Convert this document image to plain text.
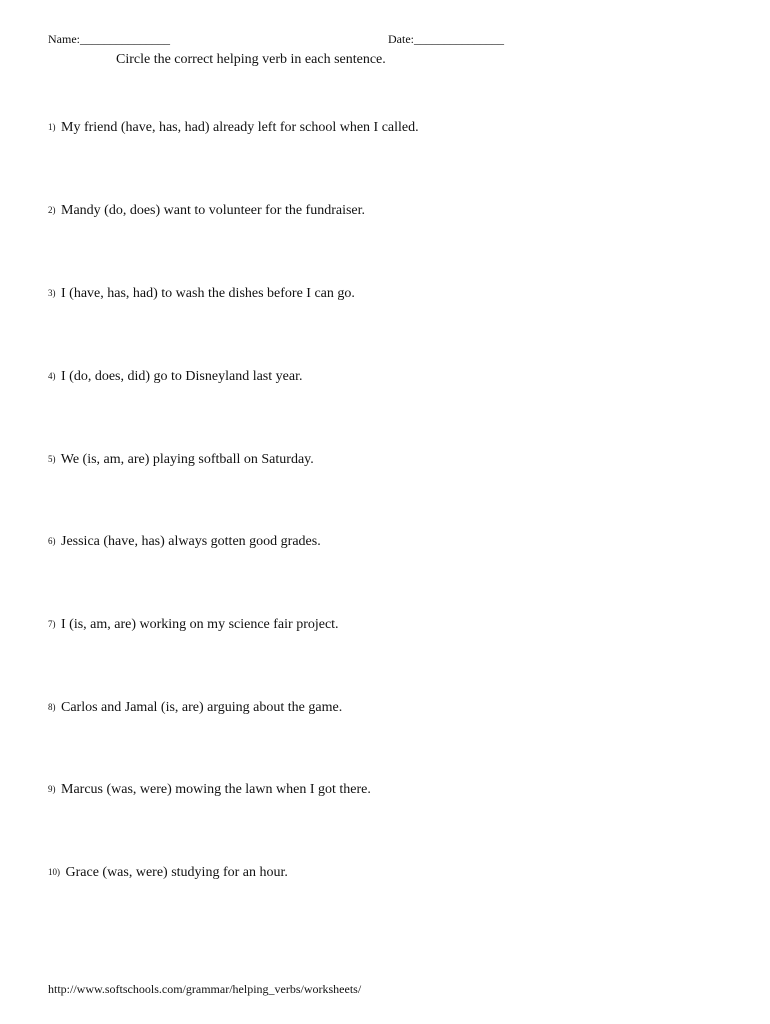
Name:_______________	Date:_______________
Circle the correct helping verb in each sentence.
1) My friend (have, has, had) already left for school when I called.
2) Mandy (do, does) want to volunteer for the fundraiser.
3) I (have, has, had) to wash the dishes before I can go.
4) I (do, does, did) go to Disneyland last year.
5) We (is, am, are) playing softball on Saturday.
6) Jessica (have, has) always gotten good grades.
7) I (is, am, are) working on my science fair project.
8) Carlos and Jamal (is, are) arguing about the game.
9) Marcus (was, were) mowing the lawn when I got there.
10) Grace (was, were) studying for an hour.
http://www.softschools.com/grammar/helping_verbs/worksheets/
